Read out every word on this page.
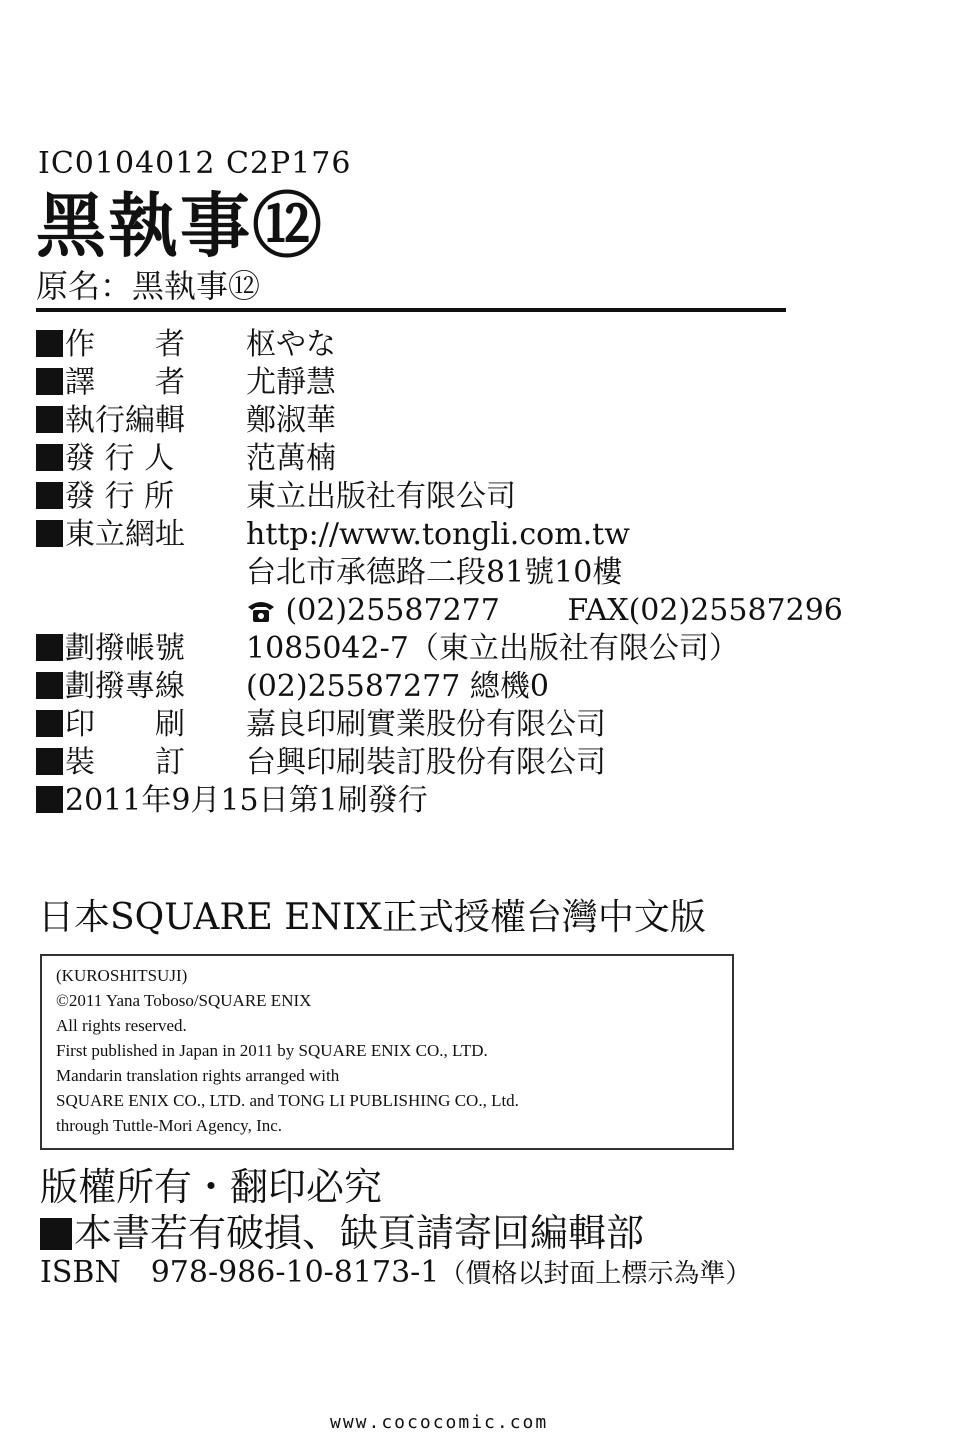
IC0104012 C2P176
黑執事⑫
原名：黑執事⑫
作　　者 枢やな
譯　　者 尤靜慧
執行編輯 鄭淑華
發 行 人 范萬楠
發 行 所 東立出版社有限公司
東立網址 http://www.tongli.com.tw
台北市承德路二段81號10樓
(02)25587277 FAX(02)25587296
劃撥帳號 1085042-7（東立出版社有限公司）
劃撥專線 (02)25587277 總機0
印　　刷 嘉良印刷實業股份有限公司
裝　　訂 台興印刷裝訂股份有限公司
2011年9月15日第1刷發行
日本SQUARE ENIX正式授權台灣中文版
(KUROSHITSUJI)
©2011 Yana Toboso/SQUARE ENIX
All rights reserved.
First published in Japan in 2011 by SQUARE ENIX CO., LTD.
Mandarin translation rights arranged with
SQUARE ENIX CO., LTD. and TONG LI PUBLISHING CO., Ltd.
through Tuttle-Mori Agency, Inc.
版權所有・翻印必究
本書若有破損、缺頁請寄回編輯部
ISBN　978-986-10-8173-1（價格以封面上標示為準）
www.cococomic.com
